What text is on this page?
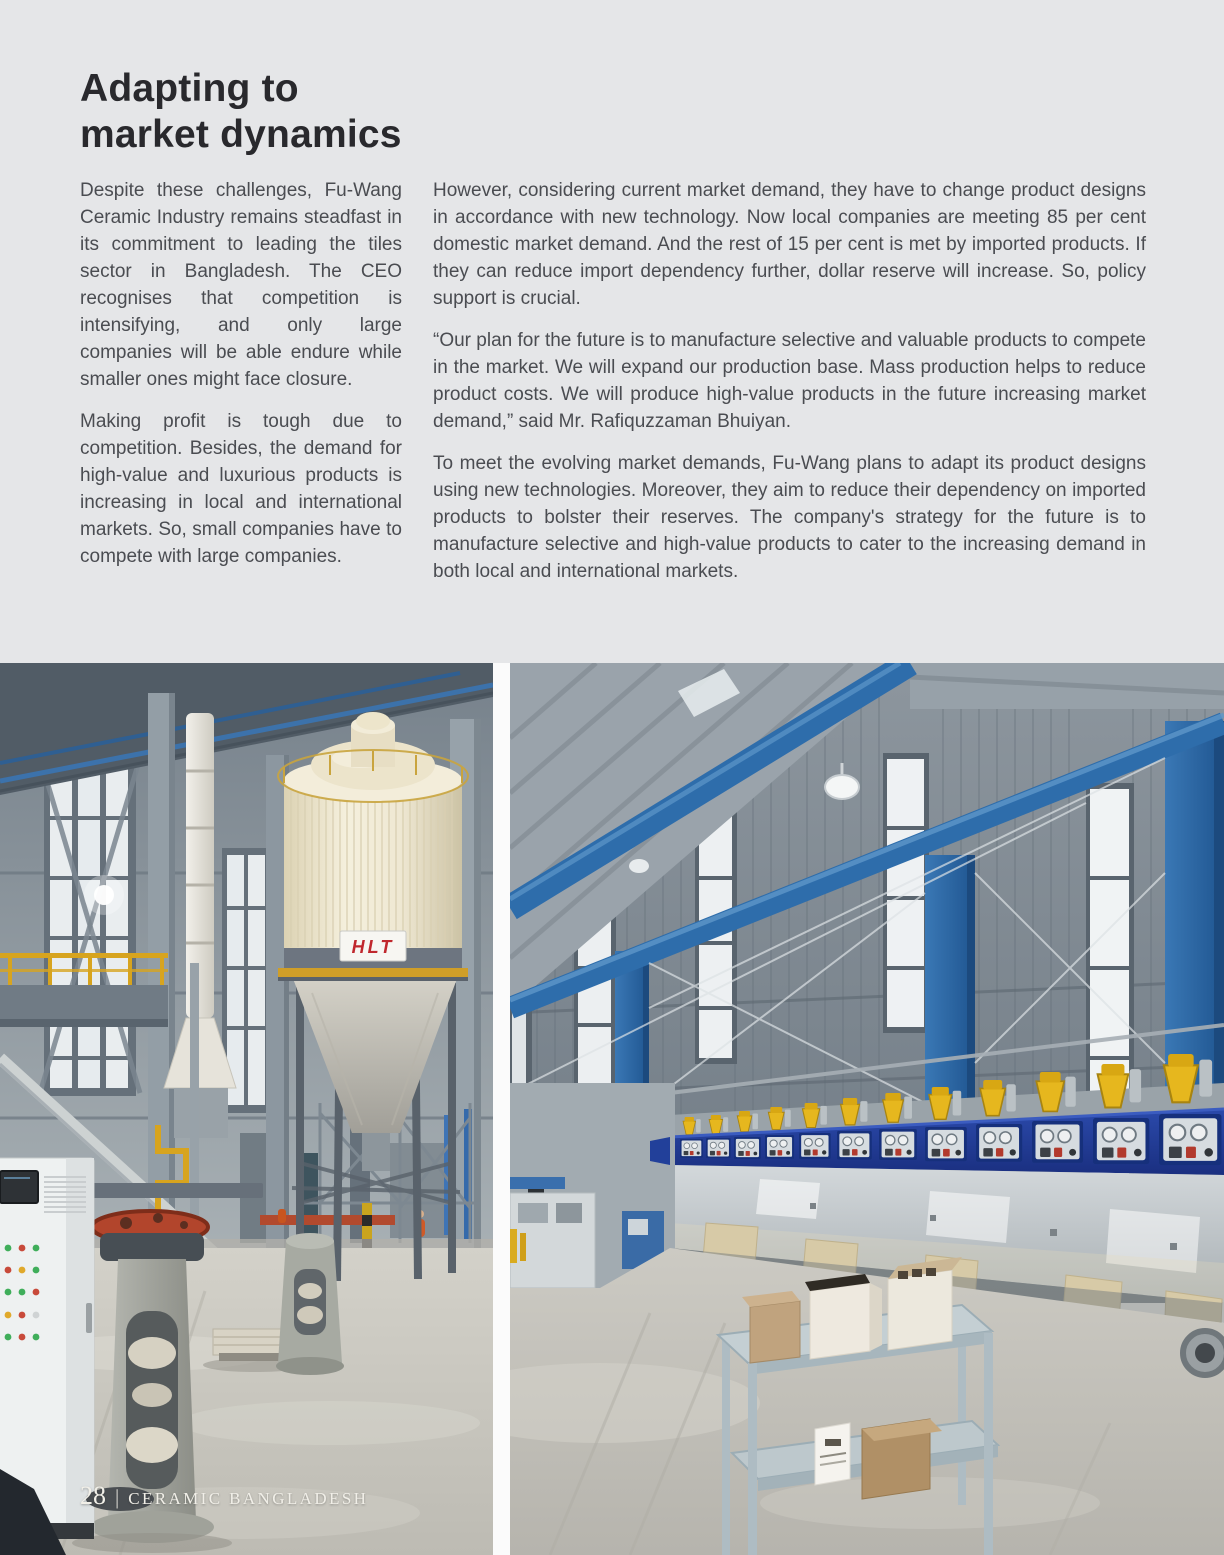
Adapting to
market dynamics

Despite these challenges, Fu-Wang Ceramic Industry remains steadfast in its commitment to leading the tiles sector in Bangladesh. The CEO recognises that competition is intensifying, and only large companies will be able endure while smaller ones might face closure.

Making profit is tough due to competition. Besides, the demand for high-value and luxurious products is increasing in local and international markets. So, small companies have to compete with large companies.

However, considering current market demand, they have to change product designs in accordance with new technology. Now local companies are meeting 85 per cent domestic market demand. And the rest of 15 per cent is met by imported products. If they can reduce import dependency further, dollar reserve will increase. So, policy support is crucial.

“Our plan for the future is to manufacture selective and valuable products to compete in the market. We will expand our production base. Mass production helps to reduce product costs. We will produce high-value products in the future increasing market demand,” said Mr. Rafiquzzaman Bhuiyan.

To meet the evolving market demands, Fu-Wang plans to adapt its product designs using new technologies. Moreover, they aim to reduce their dependency on imported products to bolster their reserves. The company's strategy for the future is to manufacture selective and high-value products to cater to the increasing demand in both local and international markets.

HLT
28 | CERAMIC BANGLADESH
